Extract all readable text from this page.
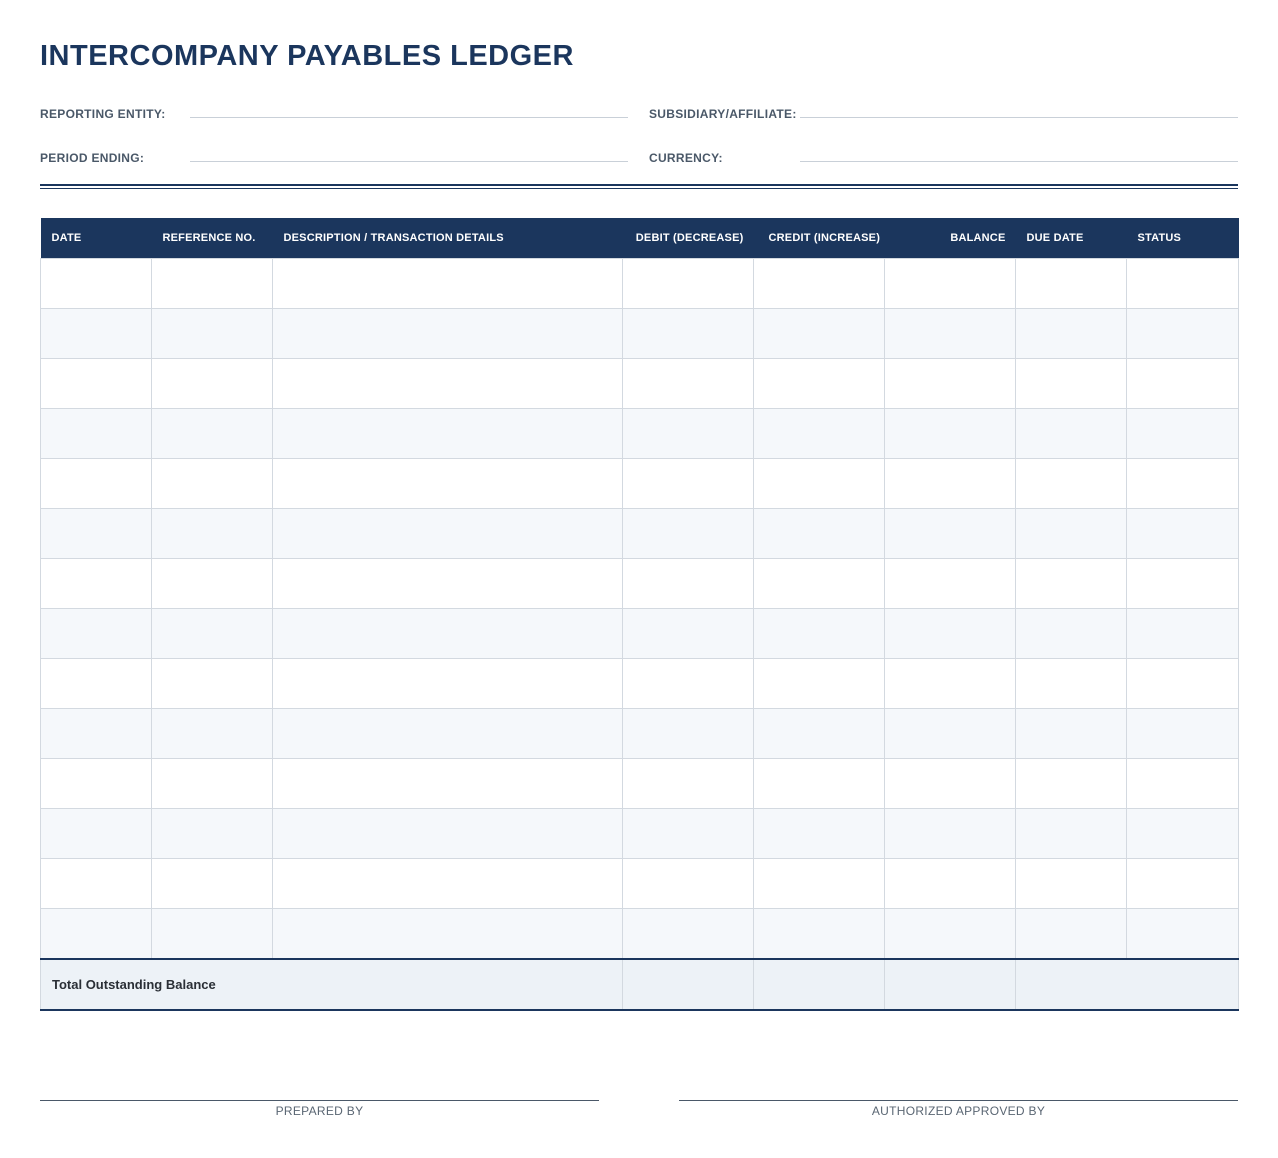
INTERCOMPANY PAYABLES LEDGER
REPORTING ENTITY:	SUBSIDIARY/AFFILIATE:
PERIOD ENDING:	CURRENCY:
DATE	REFERENCE NO.	DESCRIPTION / TRANSACTION DETAILS	DEBIT (DECREASE)	CREDIT (INCREASE)	BALANCE	DUE DATE	STATUS

Total Outstanding Balance							
PREPARED BY	AUTHORIZED APPROVED BY
